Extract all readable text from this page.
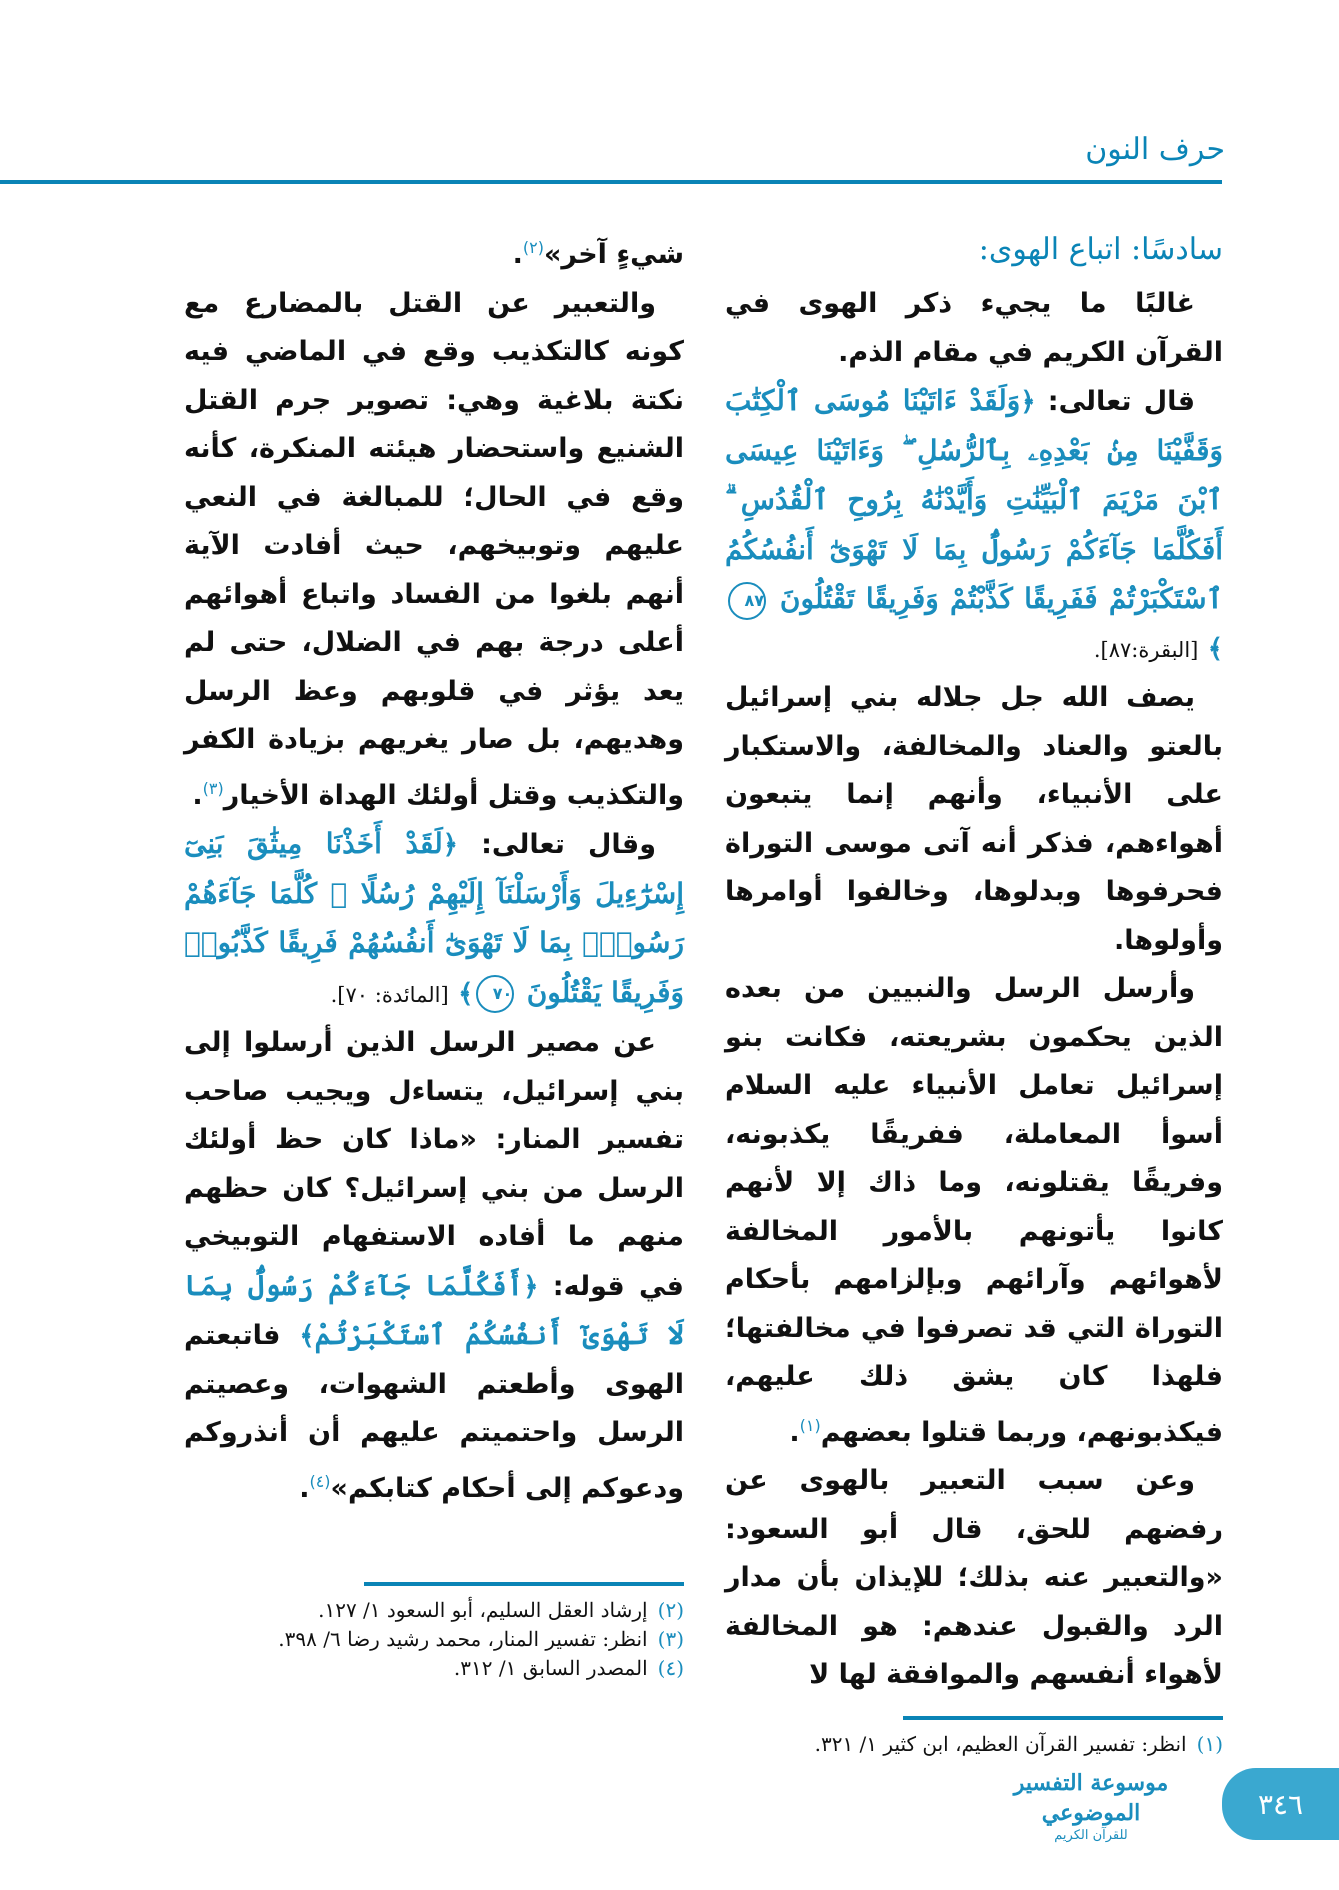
حرف النون
سادسًا: اتباع الهوى:

غالبًا ما يجيء ذكر الهوى في القرآن الكريم في مقام الذم.

قال تعالى: ﴿وَلَقَدْ ءَاتَيْنَا مُوسَى ٱلْكِتَٰبَ وَقَفَّيْنَا مِنۢ بَعْدِهِۦ بِٱلرُّسُلِ ۖ وَءَاتَيْنَا عِيسَى ٱبْنَ مَرْيَمَ ٱلْبَيِّنَٰتِ وَأَيَّدْنَٰهُ بِرُوحِ ٱلْقُدُسِ ۗ أَفَكُلَّمَا جَآءَكُمْ رَسُولٌۢ بِمَا لَا تَهْوَىٰٓ أَنفُسُكُمُ ٱسْتَكْبَرْتُمْ فَفَرِيقًا كَذَّبْتُمْ وَفَرِيقًا تَقْتُلُونَ ٨٧﴾ [البقرة:٨٧].

يصف الله جل جلاله بني إسرائيل بالعتو والعناد والمخالفة، والاستكبار على الأنبياء، وأنهم إنما يتبعون أهواءهم، فذكر أنه آتى موسى التوراة فحرفوها وبدلوها، وخالفوا أوامرها وأولوها.

وأرسل الرسل والنبيين من بعده الذين يحكمون بشريعته، فكانت بنو إسرائيل تعامل الأنبياء عليه السلام أسوأ المعاملة، ففريقًا يكذبونه، وفريقًا يقتلونه، وما ذاك إلا لأنهم كانوا يأتونهم بالأمور المخالفة لأهوائهم وآرائهم وبإلزامهم بأحكام التوراة التي قد تصرفوا في مخالفتها؛ فلهذا كان يشق ذلك عليهم، فيكذبونهم، وربما قتلوا بعضهم$^{(١)}$.

وعن سبب التعبير بالهوى عن رفضهم للحق، قال أبو السعود: «والتعبير عنه بذلك؛ للإيذان بأن مدار الرد والقبول عندهم: هو المخالفة لأهواء أنفسهم والموافقة لها لا

(١)انظر: تفسير القرآن العظيم، ابن كثير ١/ ٣٢١.

شيءٍ آخر»$^{(٢)}$.

والتعبير عن القتل بالمضارع مع كونه كالتكذيب وقع في الماضي فيه نكتة بلاغية وهي: تصوير جرم القتل الشنيع واستحضار هيئته المنكرة، كأنه وقع في الحال؛ للمبالغة في النعي عليهم وتوبيخهم، حيث أفادت الآية أنهم بلغوا من الفساد واتباع أهوائهم أعلى درجة بهم في الضلال، حتى لم يعد يؤثر في قلوبهم وعظ الرسل وهديهم، بل صار يغريهم بزيادة الكفر والتكذيب وقتل أولئك الهداة الأخيار$^{(٣)}$.

وقال تعالى: ﴿لَقَدْ أَخَذْنَا مِيثَٰقَ بَنِىٓ إِسْرَٰٓءِيلَ وَأَرْسَلْنَآ إِلَيْهِمْ رُسُلًا ۖ كُلَّمَا جَآءَهُمْ رَسُولٌۢ بِمَا لَا تَهْوَىٰٓ أَنفُسُهُمْ فَرِيقًا كَذَّبُوا۟ وَفَرِيقًا يَقْتُلُونَ ٧٠﴾ [المائدة: ٧٠].

عن مصير الرسل الذين أرسلوا إلى بني إسرائيل، يتساءل ويجيب صاحب تفسير المنار: «ماذا كان حظ أولئك الرسل من بني إسرائيل؟ كان حظهم منهم ما أفاده الاستفهام التوبيخي في قوله: ﴿أَفَكُلَّمَا جَآءَكُمْ رَسُولٌۢ بِمَا لَا تَهْوَىٰٓ أَنفُسُكُمُ ٱسْتَكْبَرْتُمْ﴾ فاتبعتم الهوى وأطعتم الشهوات، وعصيتم الرسل واحتميتم عليهم أن أنذروكم ودعوكم إلى أحكام كتابكم»$^{(٤)}$.

(٢)إرشاد العقل السليم، أبو السعود ١/ ١٢٧.

(٣)انظر: تفسير المنار، محمد رشيد رضا ٦/ ٣٩٨.

(٤)المصدر السابق ١/ ٣١٢.

موسوعة التفسير الموضوعي
للقرآن الكريم
٣٤٦
